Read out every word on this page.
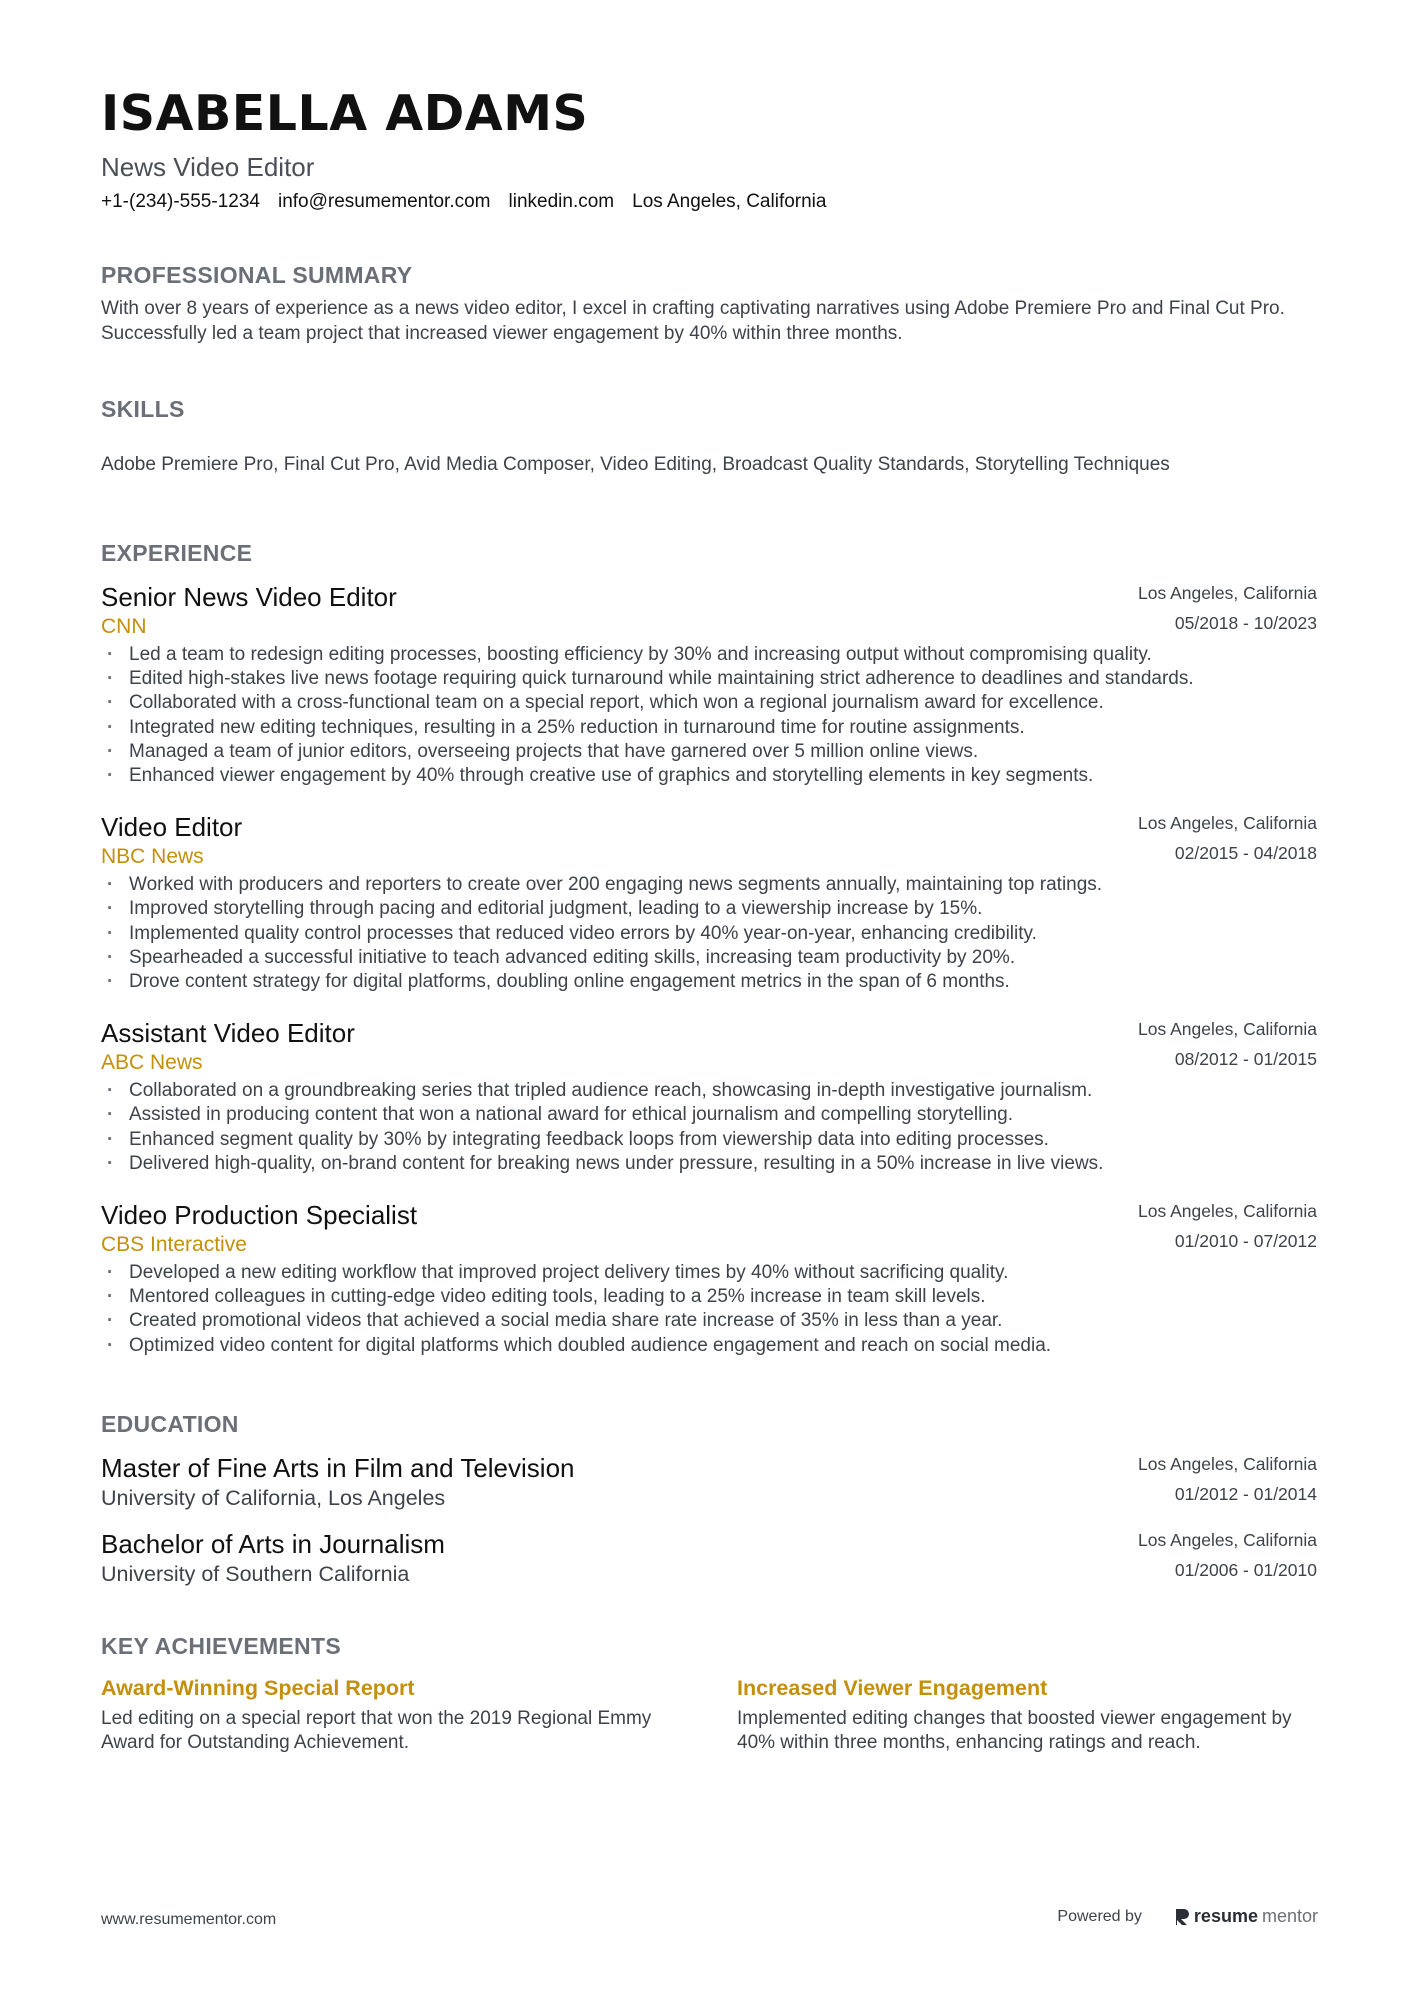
ISABELLA ADAMS
News Video Editor
+1-(234)-555-1234 info@resumementor.com linkedin.com Los Angeles, California
PROFESSIONAL SUMMARY
With over 8 years of experience as a news video editor, I excel in crafting captivating narratives using Adobe Premiere Pro and Final Cut Pro. Successfully led a team project that increased viewer engagement by 40% within three months.
SKILLS
Adobe Premiere Pro, Final Cut Pro, Avid Media Composer, Video Editing, Broadcast Quality Standards, Storytelling Techniques
EXPERIENCE
Senior News Video Editor
CNN
Los Angeles, California
05/2018 - 10/2023
· Led a team to redesign editing processes, boosting efficiency by 30% and increasing output without compromising quality.
· Edited high-stakes live news footage requiring quick turnaround while maintaining strict adherence to deadlines and standards.
· Collaborated with a cross-functional team on a special report, which won a regional journalism award for excellence.
· Integrated new editing techniques, resulting in a 25% reduction in turnaround time for routine assignments.
· Managed a team of junior editors, overseeing projects that have garnered over 5 million online views.
· Enhanced viewer engagement by 40% through creative use of graphics and storytelling elements in key segments.
Video Editor
NBC News
Los Angeles, California
02/2015 - 04/2018
· Worked with producers and reporters to create over 200 engaging news segments annually, maintaining top ratings.
· Improved storytelling through pacing and editorial judgment, leading to a viewership increase by 15%.
· Implemented quality control processes that reduced video errors by 40% year-on-year, enhancing credibility.
· Spearheaded a successful initiative to teach advanced editing skills, increasing team productivity by 20%.
· Drove content strategy for digital platforms, doubling online engagement metrics in the span of 6 months.
Assistant Video Editor
ABC News
Los Angeles, California
08/2012 - 01/2015
· Collaborated on a groundbreaking series that tripled audience reach, showcasing in-depth investigative journalism.
· Assisted in producing content that won a national award for ethical journalism and compelling storytelling.
· Enhanced segment quality by 30% by integrating feedback loops from viewership data into editing processes.
· Delivered high-quality, on-brand content for breaking news under pressure, resulting in a 50% increase in live views.
Video Production Specialist
CBS Interactive
Los Angeles, California
01/2010 - 07/2012
· Developed a new editing workflow that improved project delivery times by 40% without sacrificing quality.
· Mentored colleagues in cutting-edge video editing tools, leading to a 25% increase in team skill levels.
· Created promotional videos that achieved a social media share rate increase of 35% in less than a year.
· Optimized video content for digital platforms which doubled audience engagement and reach on social media.
EDUCATION
Master of Fine Arts in Film and Television
University of California, Los Angeles
Los Angeles, California
01/2012 - 01/2014
Bachelor of Arts in Journalism
University of Southern California
Los Angeles, California
01/2006 - 01/2010
KEY ACHIEVEMENTS
Award-Winning Special Report
Led editing on a special report that won the 2019 Regional Emmy Award for Outstanding Achievement.
Increased Viewer Engagement
Implemented editing changes that boosted viewer engagement by 40% within three months, enhancing ratings and reach.
www.resumementor.com	Powered by	resume mentor
